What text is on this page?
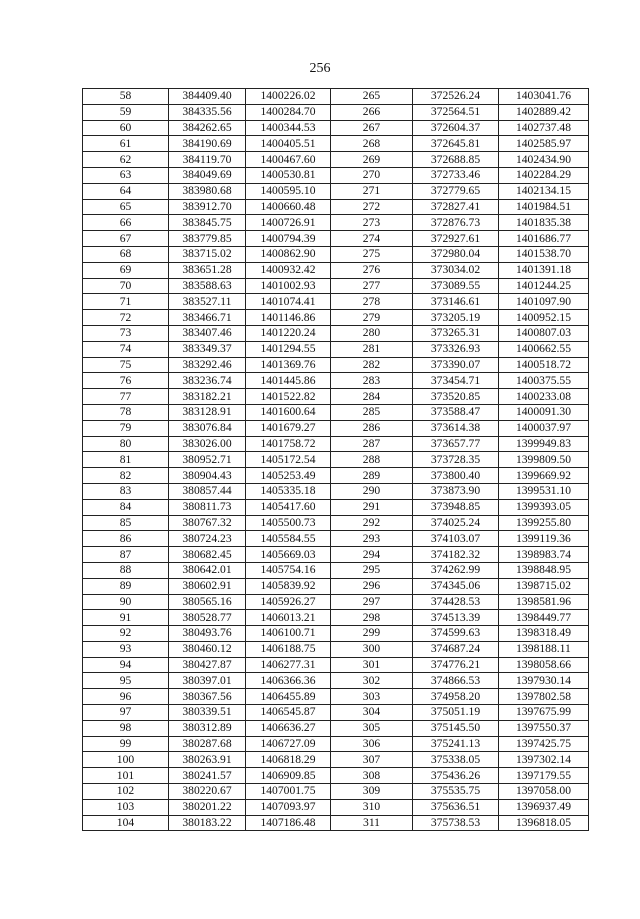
256
58	384409.40	1400226.02	265	372526.24	1403041.76
59	384335.56	1400284.70	266	372564.51	1402889.42
60	384262.65	1400344.53	267	372604.37	1402737.48
61	384190.69	1400405.51	268	372645.81	1402585.97
62	384119.70	1400467.60	269	372688.85	1402434.90
63	384049.69	1400530.81	270	372733.46	1402284.29
64	383980.68	1400595.10	271	372779.65	1402134.15
65	383912.70	1400660.48	272	372827.41	1401984.51
66	383845.75	1400726.91	273	372876.73	1401835.38
67	383779.85	1400794.39	274	372927.61	1401686.77
68	383715.02	1400862.90	275	372980.04	1401538.70
69	383651.28	1400932.42	276	373034.02	1401391.18
70	383588.63	1401002.93	277	373089.55	1401244.25
71	383527.11	1401074.41	278	373146.61	1401097.90
72	383466.71	1401146.86	279	373205.19	1400952.15
73	383407.46	1401220.24	280	373265.31	1400807.03
74	383349.37	1401294.55	281	373326.93	1400662.55
75	383292.46	1401369.76	282	373390.07	1400518.72
76	383236.74	1401445.86	283	373454.71	1400375.55
77	383182.21	1401522.82	284	373520.85	1400233.08
78	383128.91	1401600.64	285	373588.47	1400091.30
79	383076.84	1401679.27	286	373614.38	1400037.97
80	383026.00	1401758.72	287	373657.77	1399949.83
81	380952.71	1405172.54	288	373728.35	1399809.50
82	380904.43	1405253.49	289	373800.40	1399669.92
83	380857.44	1405335.18	290	373873.90	1399531.10
84	380811.73	1405417.60	291	373948.85	1399393.05
85	380767.32	1405500.73	292	374025.24	1399255.80
86	380724.23	1405584.55	293	374103.07	1399119.36
87	380682.45	1405669.03	294	374182.32	1398983.74
88	380642.01	1405754.16	295	374262.99	1398848.95
89	380602.91	1405839.92	296	374345.06	1398715.02
90	380565.16	1405926.27	297	374428.53	1398581.96
91	380528.77	1406013.21	298	374513.39	1398449.77
92	380493.76	1406100.71	299	374599.63	1398318.49
93	380460.12	1406188.75	300	374687.24	1398188.11
94	380427.87	1406277.31	301	374776.21	1398058.66
95	380397.01	1406366.36	302	374866.53	1397930.14
96	380367.56	1406455.89	303	374958.20	1397802.58
97	380339.51	1406545.87	304	375051.19	1397675.99
98	380312.89	1406636.27	305	375145.50	1397550.37
99	380287.68	1406727.09	306	375241.13	1397425.75
100	380263.91	1406818.29	307	375338.05	1397302.14
101	380241.57	1406909.85	308	375436.26	1397179.55
102	380220.67	1407001.75	309	375535.75	1397058.00
103	380201.22	1407093.97	310	375636.51	1396937.49
104	380183.22	1407186.48	311	375738.53	1396818.05
